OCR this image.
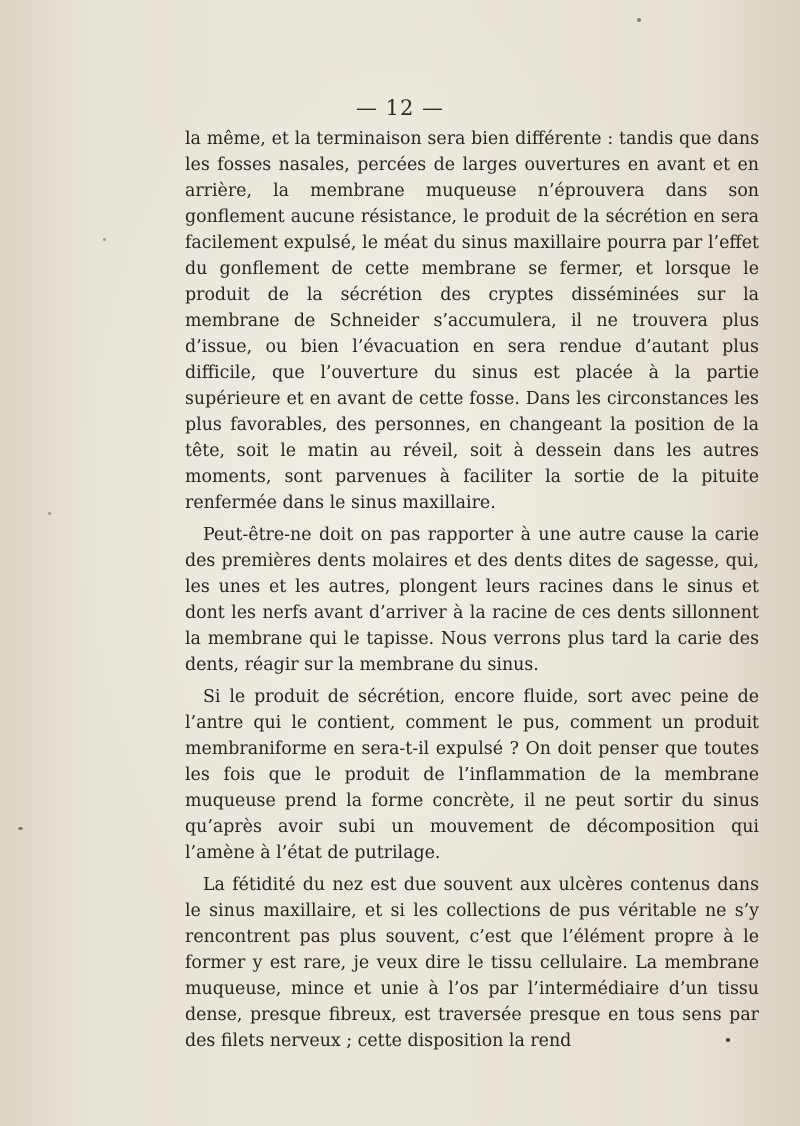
— 12 —

la même, et la terminaison sera bien différente : tandis que dans les fosses nasales, percées de larges ouvertures en avant et en arrière, la membrane muqueuse n’éprouvera dans son gonflement aucune résistance, le produit de la sécrétion en sera facilement expulsé, le méat du sinus maxillaire pourra par l’effet du gonflement de cette membrane se fermer, et lorsque le produit de la sécrétion des cryptes disséminées sur la membrane de Schneider s’accumulera, il ne trouvera plus d’issue, ou bien l’évacuation en sera rendue d’autant plus difficile, que l’ouverture du sinus est placée à la partie supérieure et en avant de cette fosse. Dans les circonstances les plus favorables, des personnes, en changeant la position de la tête, soit le matin au réveil, soit à dessein dans les autres moments, sont parvenues à faciliter la sortie de la pituite renfermée dans le sinus maxillaire.

Peut-être-ne doit on pas rapporter à une autre cause la carie des premières dents molaires et des dents dites de sagesse, qui, les unes et les autres, plongent leurs racines dans le sinus et dont les nerfs avant d’arriver à la racine de ces dents sillonnent la membrane qui le tapisse. Nous verrons plus tard la carie des dents, réagir sur la membrane du sinus.

Si le produit de sécrétion, encore fluide, sort avec peine de l’antre qui le contient, comment le pus, comment un produit membraniforme en sera-t-il expulsé ? On doit penser que toutes les fois que le produit de l’inflammation de la membrane muqueuse prend la forme concrète, il ne peut sortir du sinus qu’après avoir subi un mouvement de décomposition qui l’amène à l’état de putrilage.

La fétidité du nez est due souvent aux ulcères contenus dans le sinus maxillaire, et si les collections de pus véritable ne s’y rencontrent pas plus souvent, c’est que l’élément propre à le former y est rare, je veux dire le tissu cellulaire. La membrane muqueuse, mince et unie à l’os par l’intermédiaire d’un tissu dense, presque fibreux, est traversée presque en tous sens par des filets nerveux ; cette disposition la rend
